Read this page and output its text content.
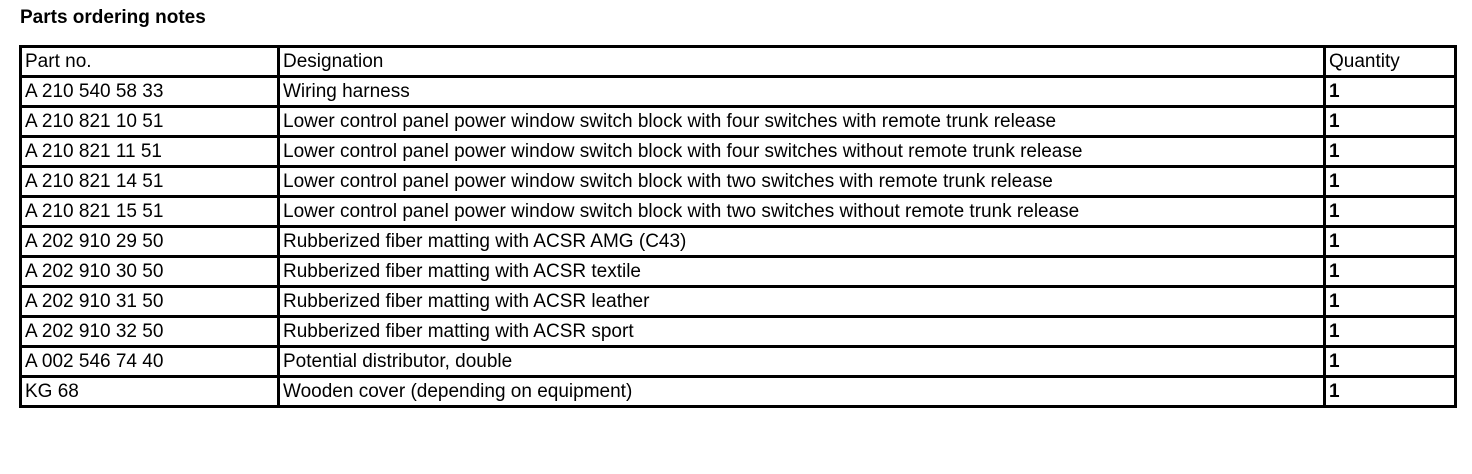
Parts ordering notes
Part no.	Designation	Quantity
A 210 540 58 33	Wiring harness	1
A 210 821 10 51	Lower control panel power window switch block with four switches with remote trunk release	1
A 210 821 11 51	Lower control panel power window switch block with four switches without remote trunk release	1
A 210 821 14 51	Lower control panel power window switch block with two switches with remote trunk release	1
A 210 821 15 51	Lower control panel power window switch block with two switches without remote trunk release	1
A 202 910 29 50	Rubberized fiber matting with ACSR AMG (C43)	1
A 202 910 30 50	Rubberized fiber matting with ACSR textile	1
A 202 910 31 50	Rubberized fiber matting with ACSR leather	1
A 202 910 32 50	Rubberized fiber matting with ACSR sport	1
A 002 546 74 40	Potential distributor, double	1
KG 68	Wooden cover (depending on equipment)	1
